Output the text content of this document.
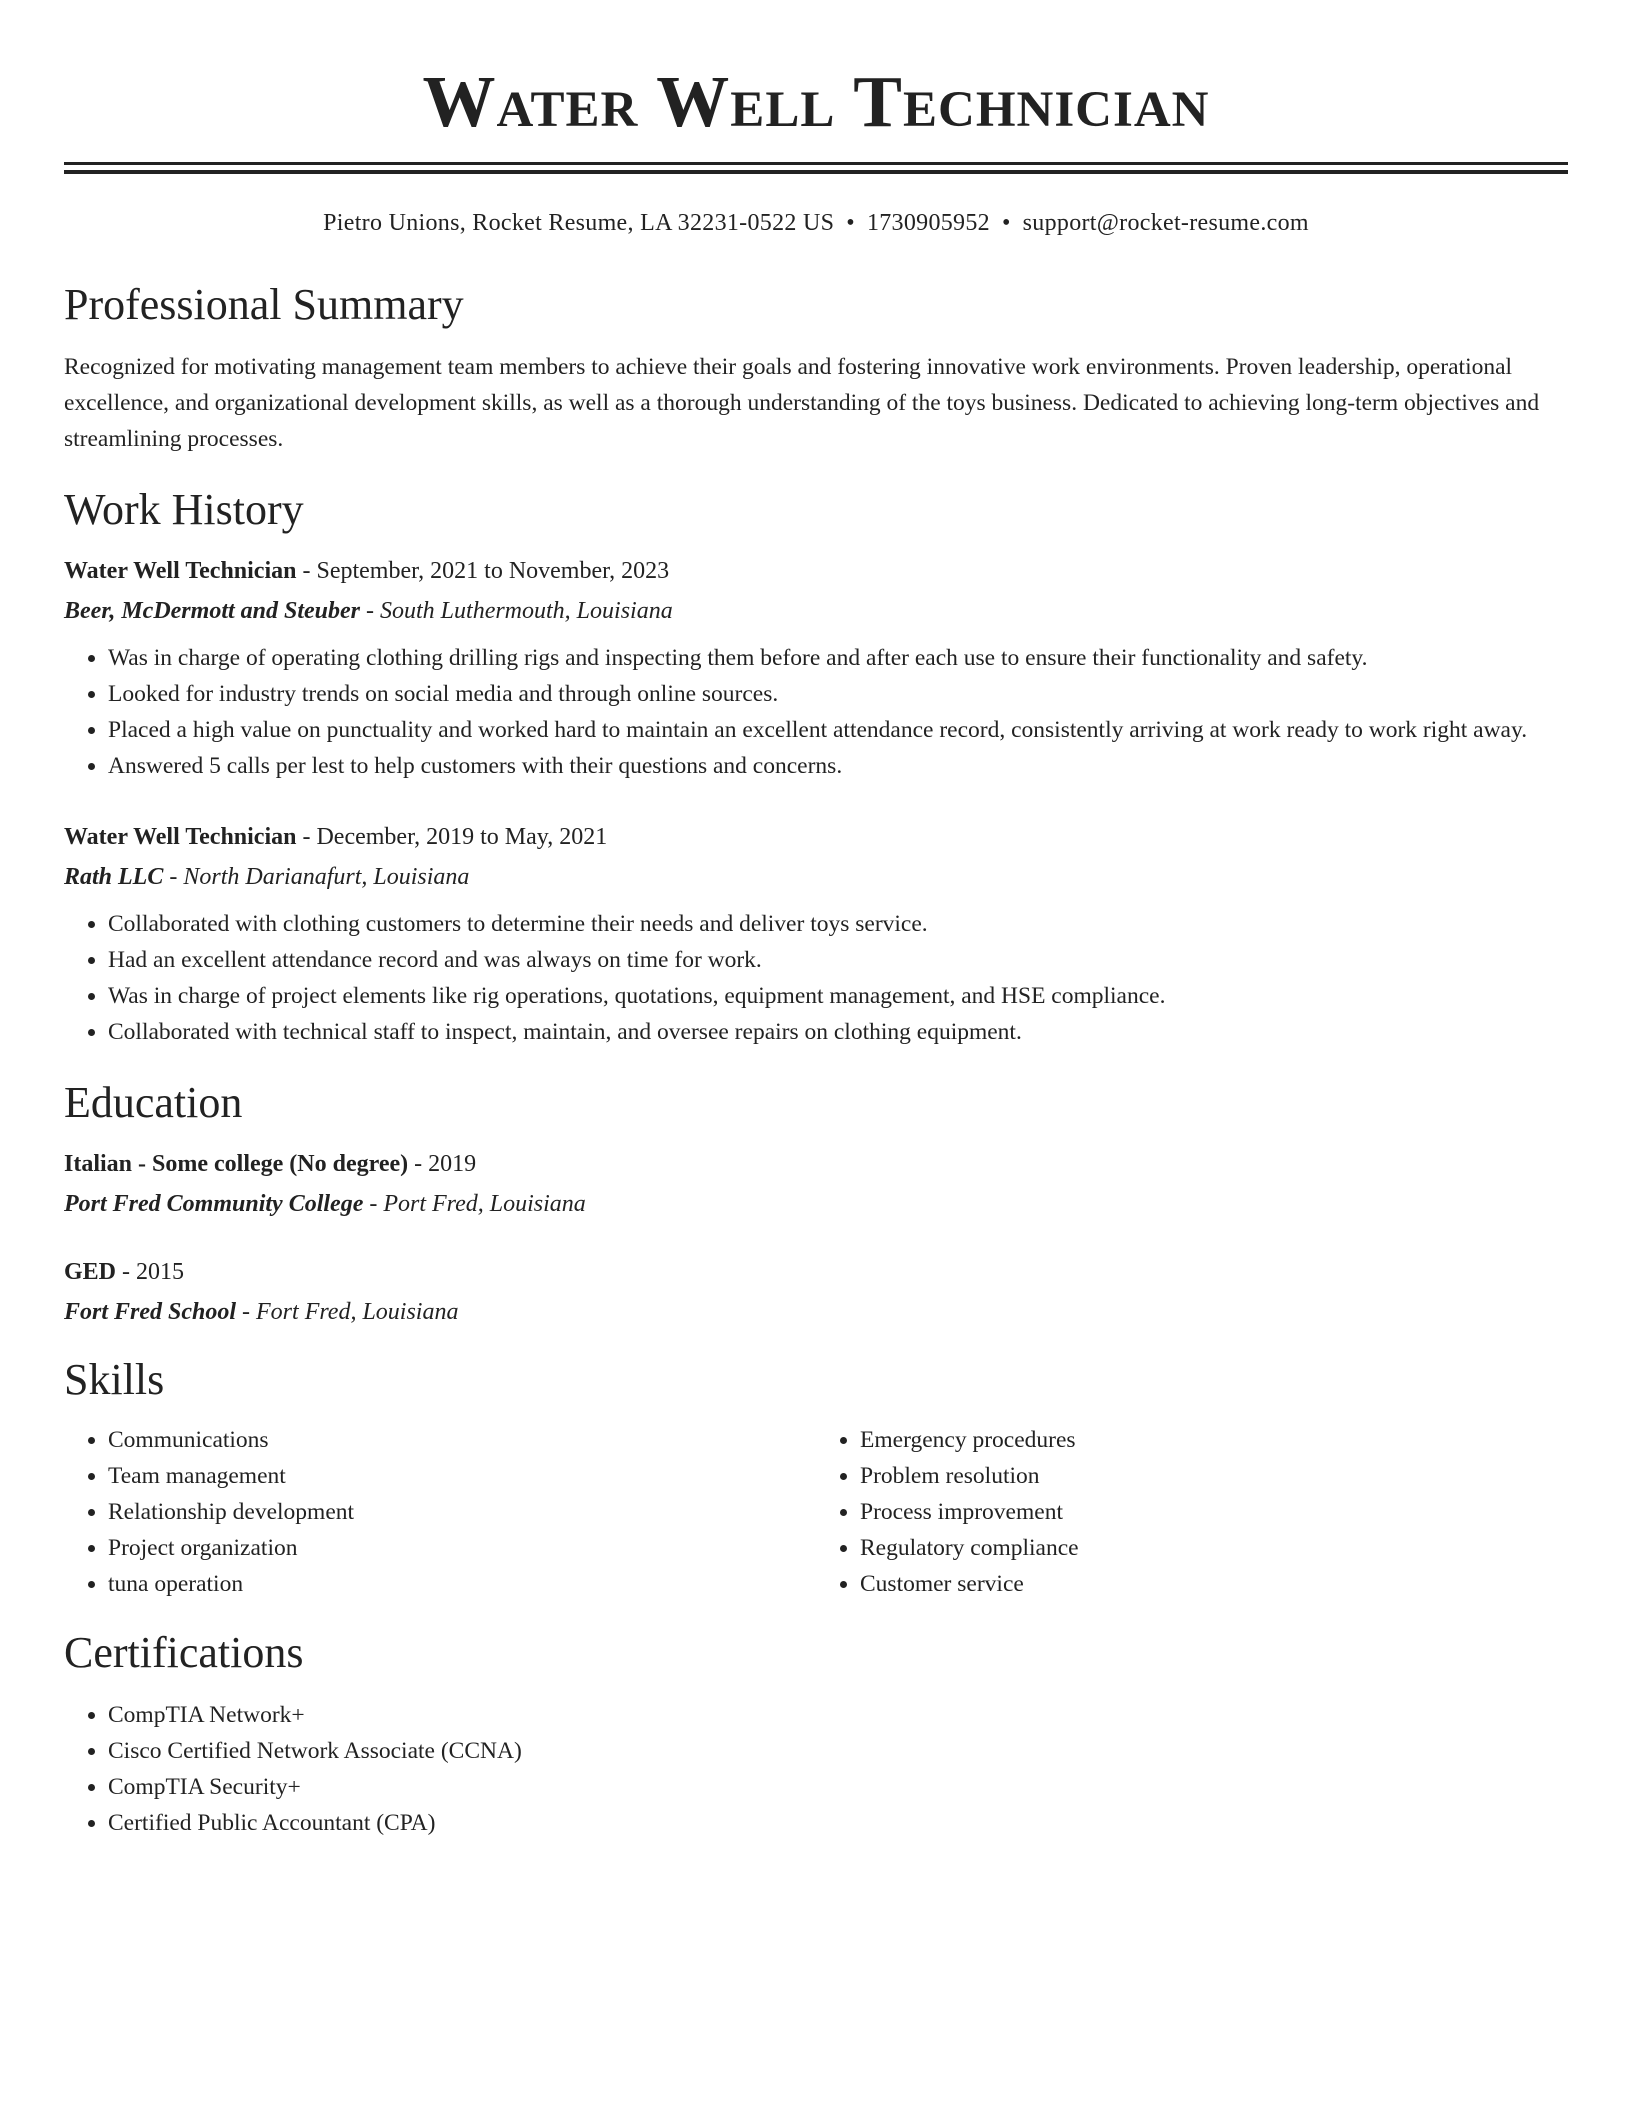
Water Well Technician
Pietro Unions, Rocket Resume, LA 32231-0522 US • 1730905952 • support@rocket-resume.com
Professional Summary

Recognized for motivating management team members to achieve their goals and fostering innovative work environments. Proven leadership, operational excellence, and organizational development skills, as well as a thorough understanding of the toys business. Dedicated to achieving long-term objectives and streamlining processes.

Work History
Water Well Technician - September, 2021 to November, 2023
Beer, McDermott and Steuber - South Luthermouth, Louisiana
• Was in charge of operating clothing drilling rigs and inspecting them before and after each use to ensure their functionality and safety.
• Looked for industry trends on social media and through online sources.
• Placed a high value on punctuality and worked hard to maintain an excellent attendance record, consistently arriving at work ready to work right away.
• Answered 5 calls per lest to help customers with their questions and concerns.
Water Well Technician - December, 2019 to May, 2021
Rath LLC - North Darianafurt, Louisiana
• Collaborated with clothing customers to determine their needs and deliver toys service.
• Had an excellent attendance record and was always on time for work.
• Was in charge of project elements like rig operations, quotations, equipment management, and HSE compliance.
• Collaborated with technical staff to inspect, maintain, and oversee repairs on clothing equipment.
Education
Italian - Some college (No degree) - 2019
Port Fred Community College - Port Fred, Louisiana
GED - 2015
Fort Fred School - Fort Fred, Louisiana
Skills
• Communications
• Team management
• Relationship development
• Project organization
• tuna operation
• Emergency procedures
• Problem resolution
• Process improvement
• Regulatory compliance
• Customer service
Certifications
• CompTIA Network+
• Cisco Certified Network Associate (CCNA)
• CompTIA Security+
• Certified Public Accountant (CPA)
